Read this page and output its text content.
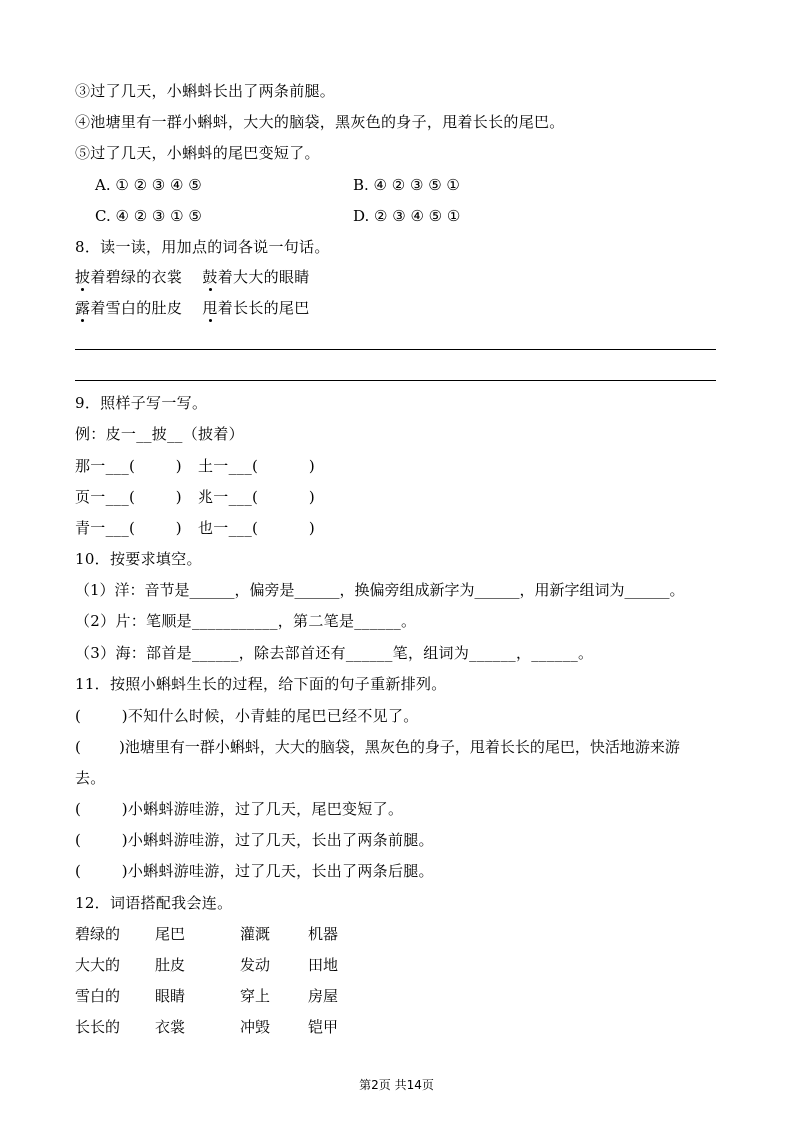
③过了几天，小蝌蚪长出了两条前腿。
④池塘里有一群小蝌蚪，大大的脑袋，黑灰色的身子，甩着长长的尾巴。
⑤过了几天，小蝌蚪的尾巴变短了。
A. ① ② ③ ④ ⑤	B. ④ ② ③ ⑤ ①
C. ④ ② ③ ① ⑤	D. ② ③ ④ ⑤ ①
8．读一读，用加点的词各说一句话。
披着碧绿的衣裳 鼓着大大的眼睛
露着雪白的肚皮 甩着长长的尾巴
9．照样子写一写。
例：皮一__披__（披着）
那一___(        ) 土一___(          )
页一___(        ) 兆一___(          )
青一___(        ) 也一___(          )
10．按要求填空。
（1）洋：音节是______，偏旁是______，换偏旁组成新字为______，用新字组词为______。
（2）片：笔顺是___________，第二笔是______。
（3）海：部首是______，除去部首还有______笔，组词为______，______。
11．按照小蝌蚪生长的过程，给下面的句子重新排列。
(        )不知什么时候，小青蛙的尾巴已经不见了。
(        )池塘里有一群小蝌蚪，大大的脑袋，黑灰色的身子，甩着长长的尾巴，快活地游来游
去。
(        )小蝌蚪游哇游，过了几天，尾巴变短了。
(        )小蝌蚪游哇游，过了几天，长出了两条前腿。
(        )小蝌蚪游哇游，过了几天，长出了两条后腿。
12．词语搭配我会连。
碧绿的 尾巴	灌溉	机器
大大的 肚皮	发动	田地
雪白的 眼睛	穿上	房屋
长长的 衣裳	冲毁	铠甲
第2页 共14页
